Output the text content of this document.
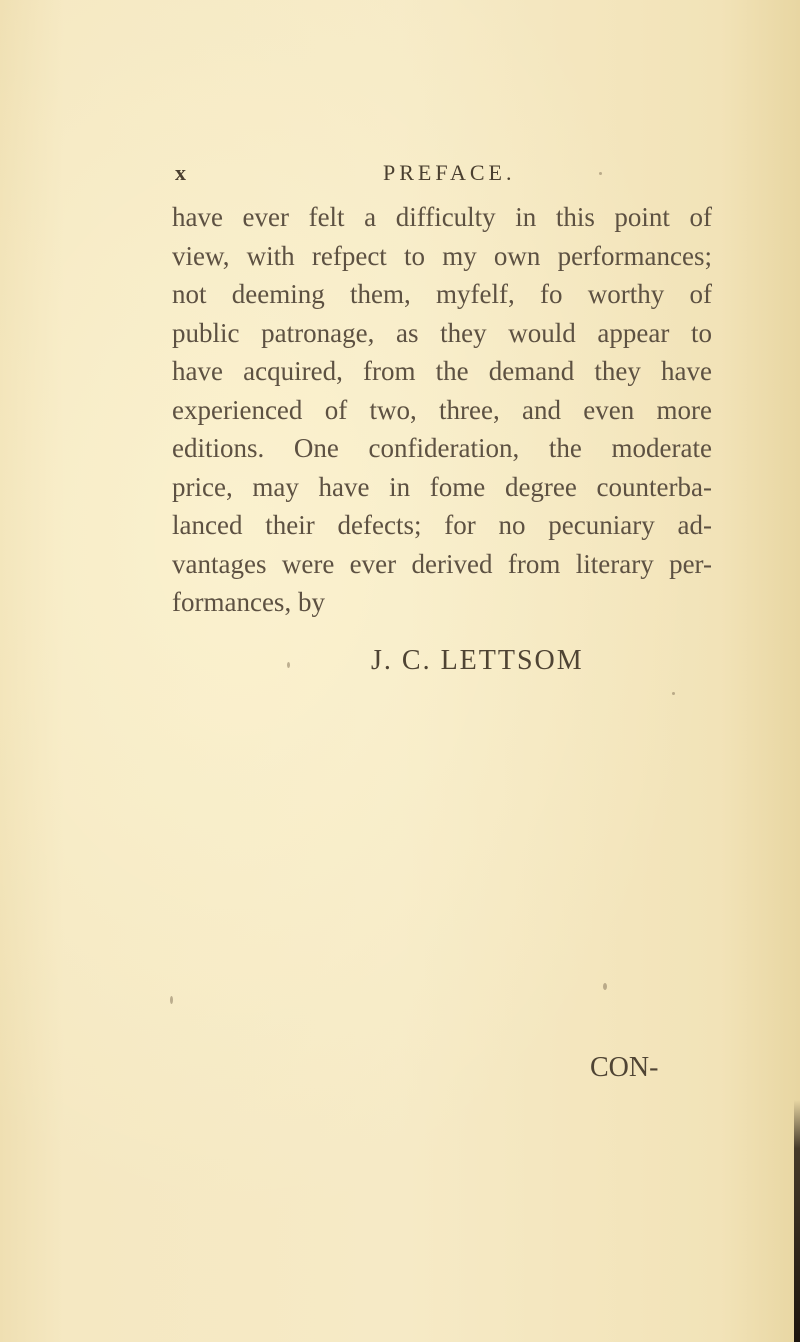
x	PREFACE.
have ever felt a difficulty in this point of
view, with refpect to my own performances;
not deeming them, myfelf, fo worthy of
public patronage, as they would appear to
have acquired, from the demand they have
experienced of two, three, and even more
editions. One confideration, the moderate
price, may have in fome degree counterba-
lanced their defects; for no pecuniary ad-
vantages were ever derived from literary per-
formances, by
J. C. LETTSOM
CON-
